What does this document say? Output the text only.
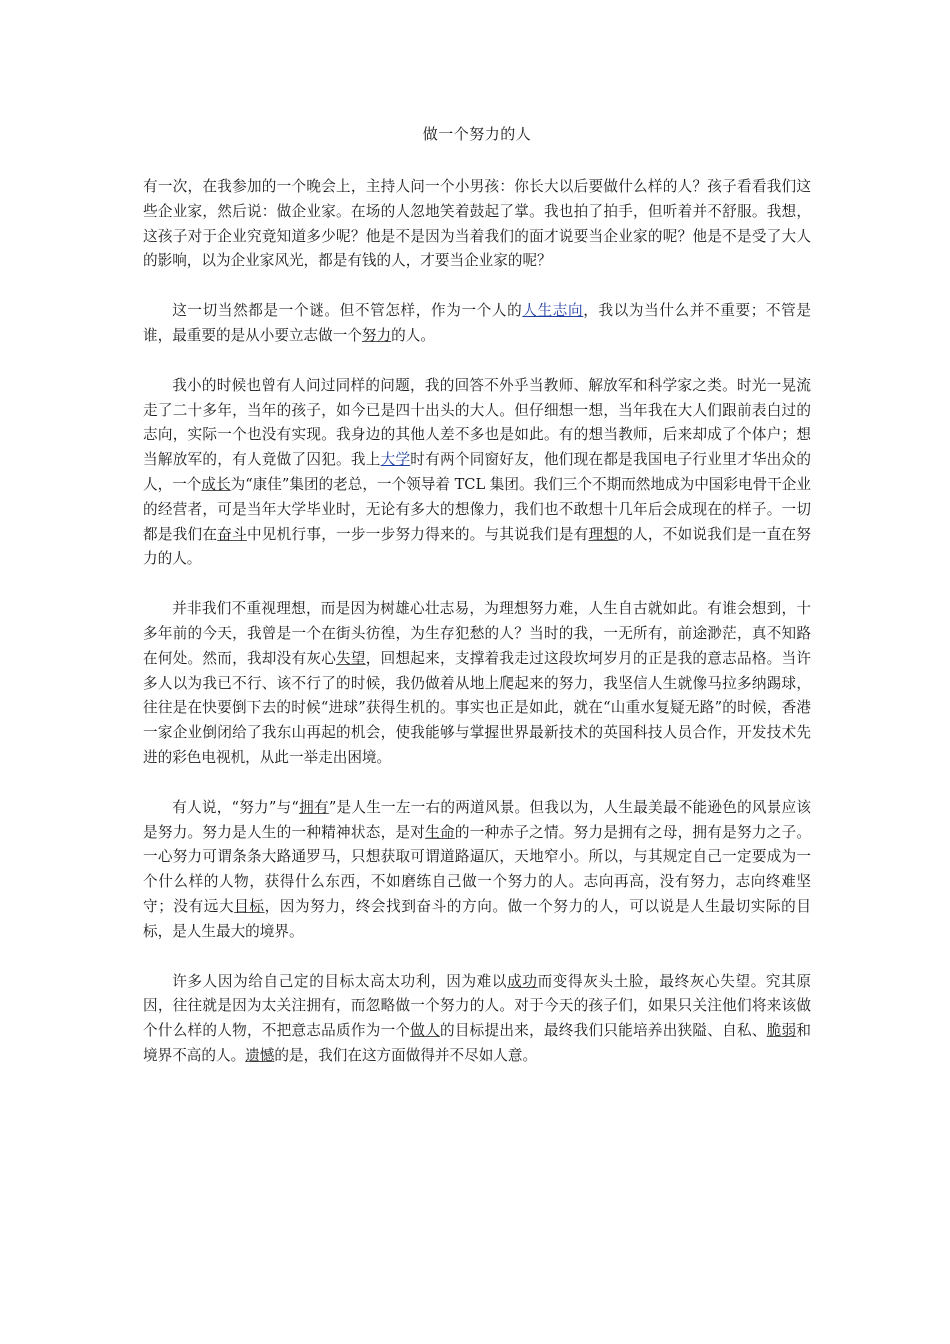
做一个努力的人

有一次，在我参加的一个晚会上，主持人问一个小男孩：你长大以后要做什么样的人？孩子看看我们这些企业家，然后说：做企业家。在场的人忽地笑着鼓起了掌。我也拍了拍手，但听着并不舒服。我想，这孩子对于企业究竟知道多少呢？他是不是因为当着我们的面才说要当企业家的呢？他是不是受了大人的影响，以为企业家风光，都是有钱的人，才要当企业家的呢？

这一切当然都是一个谜。但不管怎样，作为一个人的人生志向，我以为当什么并不重要；不管是谁，最重要的是从小要立志做一个努力的人。

我小的时候也曾有人问过同样的问题，我的回答不外乎当教师、解放军和科学家之类。时光一晃流走了二十多年，当年的孩子，如今已是四十出头的大人。但仔细想一想，当年我在大人们跟前表白过的志向，实际一个也没有实现。我身边的其他人差不多也是如此。有的想当教师，后来却成了个体户；想当解放军的，有人竟做了囚犯。我上大学时有两个同窗好友，他们现在都是我国电子行业里才华出众的人，一个成长为“康佳”集团的老总，一个领导着 TCL 集团。我们三个不期而然地成为中国彩电骨干企业的经营者，可是当年大学毕业时，无论有多大的想像力，我们也不敢想十几年后会成现在的样子。一切都是我们在奋斗中见机行事，一步一步努力得来的。与其说我们是有理想的人，不如说我们是一直在努力的人。

并非我们不重视理想，而是因为树雄心壮志易，为理想努力难，人生自古就如此。有谁会想到，十多年前的今天，我曾是一个在街头彷徨，为生存犯愁的人？当时的我，一无所有，前途渺茫，真不知路在何处。然而，我却没有灰心失望，回想起来，支撑着我走过这段坎坷岁月的正是我的意志品格。当许多人以为我已不行、该不行了的时候，我仍做着从地上爬起来的努力，我坚信人生就像马拉多纳踢球，往往是在快要倒下去的时候“进球”获得生机的。事实也正是如此，就在“山重水复疑无路”的时候，香港一家企业倒闭给了我东山再起的机会，使我能够与掌握世界最新技术的英国科技人员合作，开发技术先进的彩色电视机，从此一举走出困境。

有人说，“努力”与“拥有”是人生一左一右的两道风景。但我以为，人生最美最不能逊色的风景应该是努力。努力是人生的一种精神状态，是对生命的一种赤子之情。努力是拥有之母，拥有是努力之子。一心努力可谓条条大路通罗马，只想获取可谓道路逼仄，天地窄小。所以，与其规定自己一定要成为一个什么样的人物，获得什么东西，不如磨练自己做一个努力的人。志向再高，没有努力，志向终难坚守；没有远大目标，因为努力，终会找到奋斗的方向。做一个努力的人，可以说是人生最切实际的目标，是人生最大的境界。

许多人因为给自己定的目标太高太功利，因为难以成功而变得灰头土脸，最终灰心失望。究其原因，往往就是因为太关注拥有，而忽略做一个努力的人。对于今天的孩子们，如果只关注他们将来该做个什么样的人物，不把意志品质作为一个做人的目标提出来，最终我们只能培养出狭隘、自私、脆弱和境界不高的人。遗憾的是，我们在这方面做得并不尽如人意。
